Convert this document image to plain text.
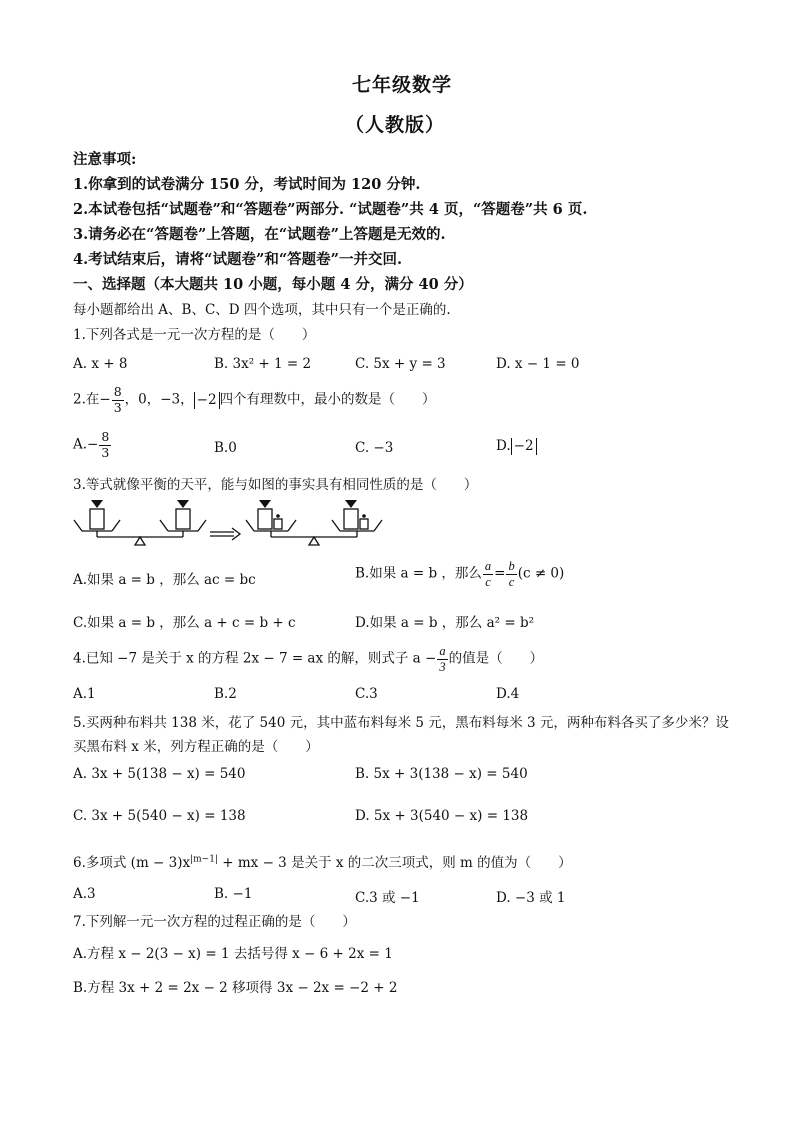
七年级数学
（人教版）
注意事项:
1.你拿到的试卷满分 150 分，考试时间为 120 分钟.
2.本试卷包括“试题卷”和“答题卷”两部分. “试题卷”共 4 页，“答题卷”共 6 页.
3.请务必在“答题卷”上答题，在“试题卷”上答题是无效的.
4.考试结束后，请将“试题卷”和“答题卷”一并交回.
一、选择题（本大题共 10 小题，每小题 4 分，满分 40 分）
每小题都给出 A、B、C、D 四个选项，其中只有一个是正确的.
1.下列各式是一元一次方程的是（　　）
A. x + 8	B. 3x² + 1 = 2	C. 5x + y = 3	D. x − 1 = 0
2.在− $\frac{8}{3}$ ，0，−3， −2 四个有理数中，最小的数是（　　）
$A.- \frac{8}{3}$	B.0	C. −3	D. −2
3.等式就像平衡的天平，能与如图的事实具有相同性质的是（　　）
A.如果 a = b ，那么 ac = bc	B.如果 a = b ，那么 $\frac{a}{c} = \frac{b}{c} (c \ne 0)$
C.如果 a = b ，那么 a + c = b + c	D.如果 a = b ，那么 a² = b²
4.已知 −7 是关于 x 的方程 2x − 7 = ax 的解，则式子 $a - \frac{a}{3}$ 的值是（　　）
A.1	B.2	C.3	D.4
5.买两种布料共 138 米，花了 540 元，其中蓝布料每米 5 元，黑布料每米 3 元，两种布料各买了多少米？设
买黑布料 x 米，列方程正确的是（　　）
A. 3x + 5(138 − x) = 540	B. 5x + 3(138 − x) = 540
C. 3x + 5(540 − x) = 138	D. 5x + 3(540 − x) = 138
6.多项式 $(m - 3)x^{|m-1|}$ + mx − 3 是关于 x 的二次三项式，则 m 的值为（　　）
A.3	B. −1	C.3 或 −1	D. −3 或 1
7.下列解一元一次方程的过程正确的是（　　）
A.方程 x − 2(3 − x) = 1 去括号得 x − 6 + 2x = 1
B.方程 3x + 2 = 2x − 2 移项得 3x − 2x = −2 + 2
